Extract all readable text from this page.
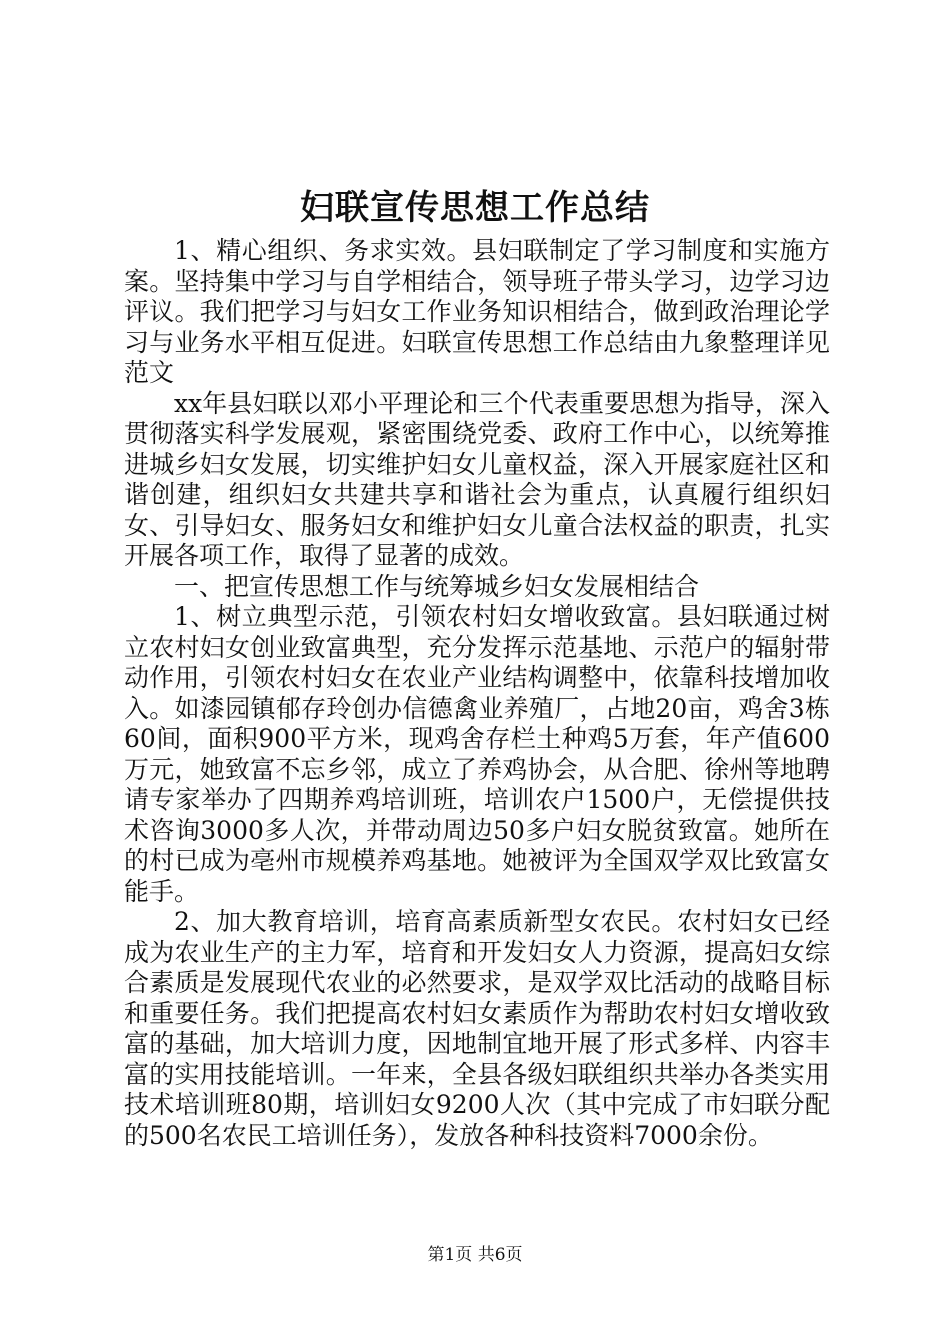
妇联宣传思想工作总结

1、精心组织、务求实效。县妇联制定了学习制度和实施方案。坚持集中学习与自学相结合，领导班子带头学习，边学习边评议。我们把学习与妇女工作业务知识相结合，做到政治理论学习与业务水平相互促进。妇联宣传思想工作总结由九象整理详见范文

xx年县妇联以邓小平理论和三个代表重要思想为指导，深入贯彻落实科学发展观，紧密围绕党委、政府工作中心，以统筹推进城乡妇女发展，切实维护妇女儿童权益，深入开展家庭社区和谐创建，组织妇女共建共享和谐社会为重点，认真履行组织妇女、引导妇女、服务妇女和维护妇女儿童合法权益的职责，扎实开展各项工作，取得了显著的成效。

一、把宣传思想工作与统筹城乡妇女发展相结合

1、树立典型示范，引领农村妇女增收致富。县妇联通过树立农村妇女创业致富典型，充分发挥示范基地、示范户的辐射带动作用，引领农村妇女在农业产业结构调整中，依靠科技增加收入。如漆园镇郁存玲创办信德禽业养殖厂，占地20亩，鸡舍3栋60间，面积900平方米，现鸡舍存栏土种鸡5万套，年产值600万元，她致富不忘乡邻，成立了养鸡协会，从合肥、徐州等地聘请专家举办了四期养鸡培训班，培训农户1500户，无偿提供技术咨询3000多人次，并带动周边50多户妇女脱贫致富。她所在的村已成为亳州市规模养鸡基地。她被评为全国双学双比致富女能手。

2、加大教育培训，培育高素质新型女农民。农村妇女已经成为农业生产的主力军，培育和开发妇女人力资源，提高妇女综合素质是发展现代农业的必然要求，是双学双比活动的战略目标和重要任务。我们把提高农村妇女素质作为帮助农村妇女增收致富的基础，加大培训力度，因地制宜地开展了形式多样、内容丰富的实用技能培训。一年来，全县各级妇联组织共举办各类实用技术培训班80期，培训妇女9200人次（其中完成了市妇联分配的500名农民工培训任务），发放各种科技资料7000余份。

第1页 共6页
